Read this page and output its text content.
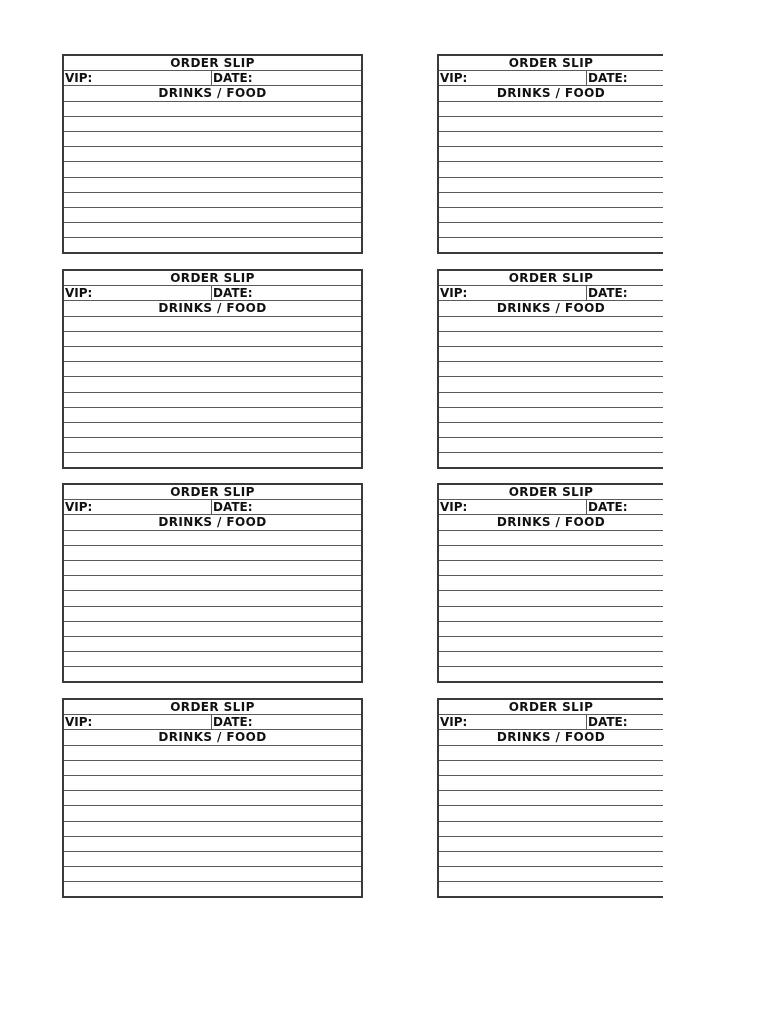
ORDER SLIP
VIP:	DATE:
DRINKS / FOOD
ORDER SLIP
VIP:	DATE:
DRINKS / FOOD
ORDER SLIP
VIP:	DATE:
DRINKS / FOOD
ORDER SLIP
VIP:	DATE:
DRINKS / FOOD
ORDER SLIP
VIP:	DATE:
DRINKS / FOOD
ORDER SLIP
VIP:	DATE:
DRINKS / FOOD
ORDER SLIP
VIP:	DATE:
DRINKS / FOOD
ORDER SLIP
VIP:	DATE:
DRINKS / FOOD
